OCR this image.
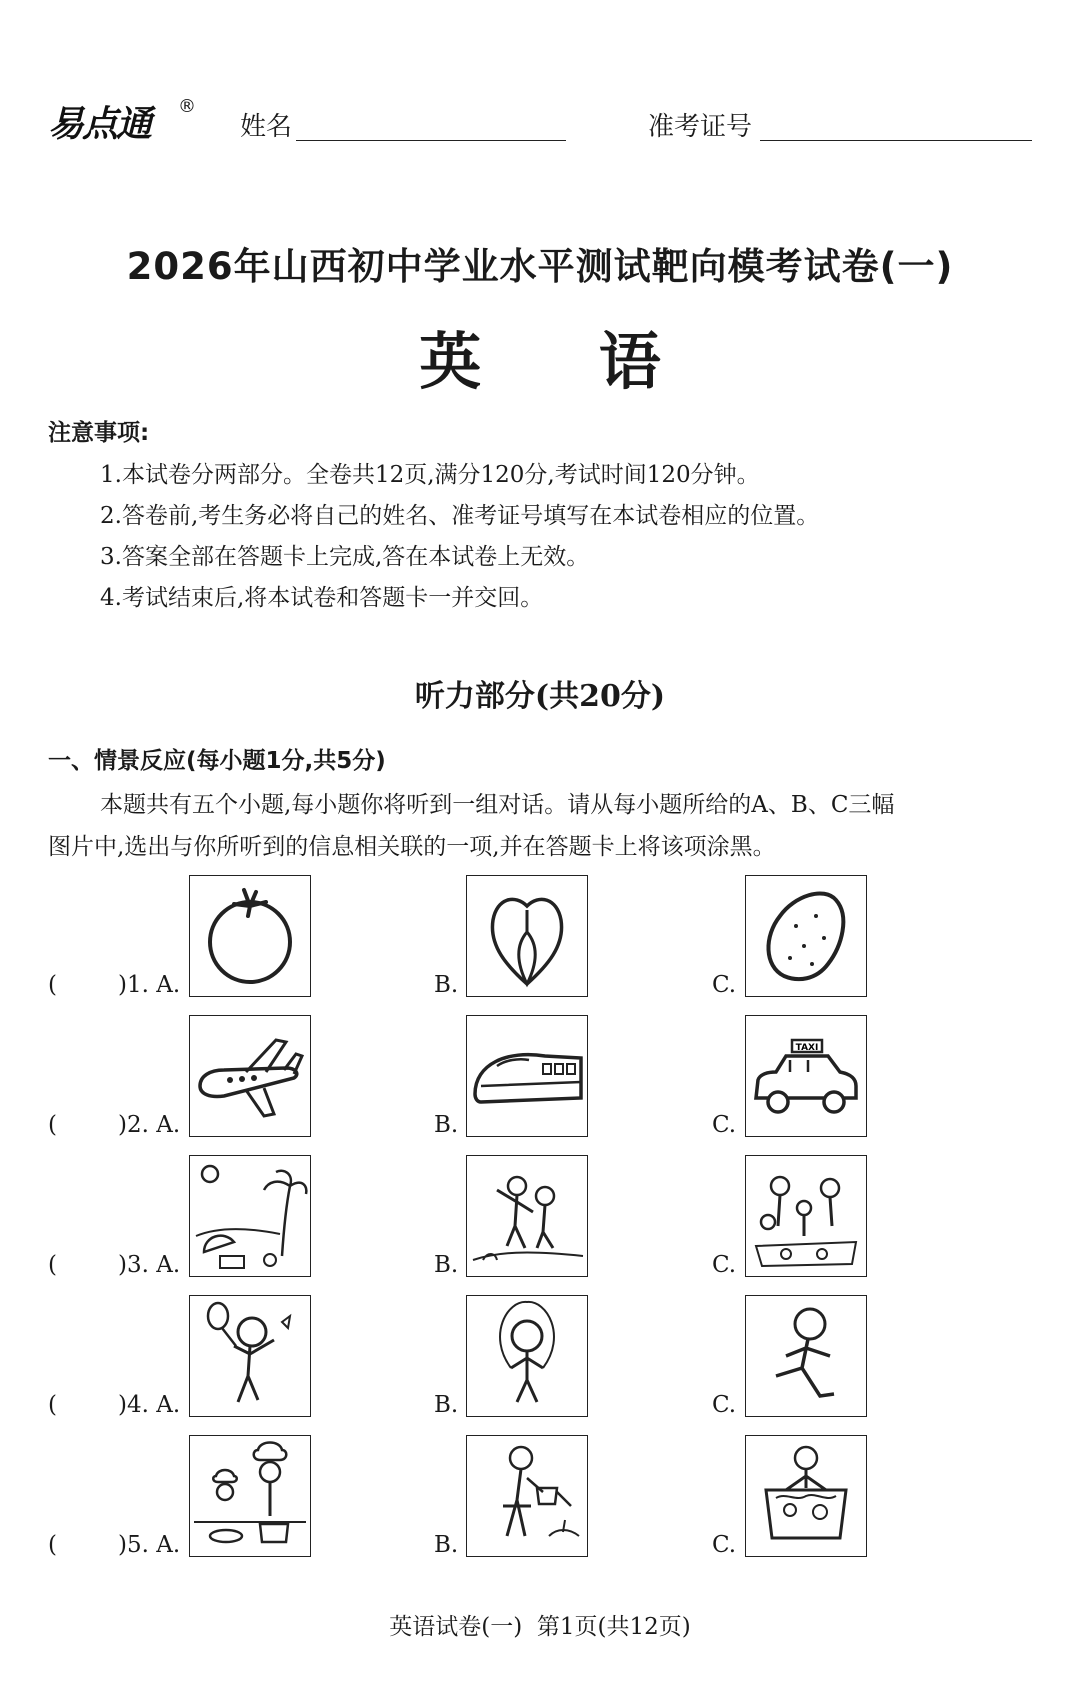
易点通 ®
姓名	准考证号
2026年山西初中学业水平测试靶向模考试卷(一)
英 语
注意事项:
1.本试卷分两部分。全卷共12页,满分120分,考试时间120分钟。
2.答卷前,考生务必将自己的姓名、准考证号填写在本试卷相应的位置。
3.答案全部在答题卡上完成,答在本试卷上无效。
4.考试结束后,将本试卷和答题卡一并交回。
听力部分(共20分)
一、情景反应(每小题1分,共5分)
本题共有五个小题,每小题你将听到一组对话。请从每小题所给的A、B、C三幅
图片中,选出与你所听到的信息相关联的一项,并在答题卡上将该项涂黑。
(	)1. A.	B.	C.
(	)2. A.	B.	C.
TAXI
(	)3. A.	B.	C.
(	)4. A.	B.	C.
(	)5. A.	B.	C.
英语试卷(一)  第1页(共12页)
